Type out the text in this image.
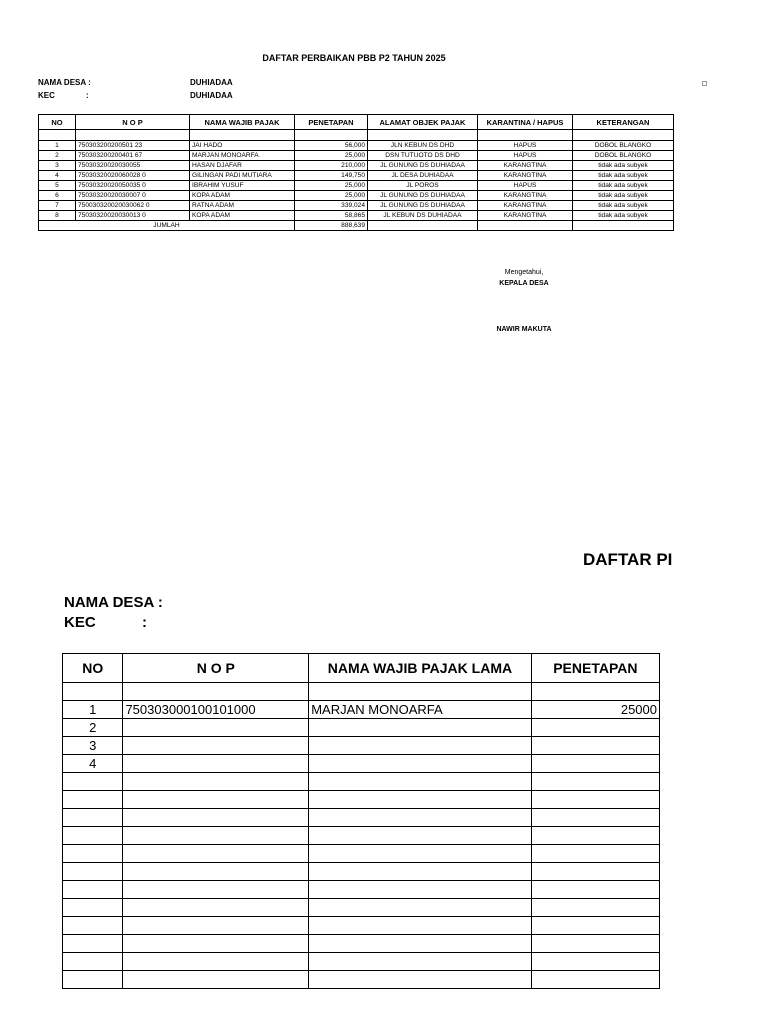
DAFTAR PERBAIKAN PBB P2 TAHUN 2025
NAMA DESA :	DUHIADAA
KEC	:	DUHIADAA
NO	N O P	NAMA WAJIB PAJAK	PENETAPAN	ALAMAT OBJEK PAJAK	KARANTINA / HAPUS	KETERANGAN

1	750303200200501 23	JAI HADO	56,000	JLN KEBUN DS DHD	HAPUS	DOBOL BLANGKO
2	750303200200401 67	MARJAN MONOARFA	25,000	DSN TUTUOTO DS DHD	HAPUS	DOBOL BLANGKO
3	75030320020030055	HASAN DJAFAR	210,000	JL GUNUNG DS DUHIADAA	KARANGTINA	tidak ada subyek
4	75030320020060028 0	GILINGAN PADI MUTIARA	149,750	JL DESA DUHIADAA	KARANGTINA	tidak ada subyek
5	75030320020050035 0	IBRAHIM YUSUF	25,000	JL POROS	HAPUS	tidak ada subyek
6	75030320020030007 0	KOPA ADAM	25,000	JL GUNUNG DS DUHIADAA	KARANGTINA	tidak ada subyek
7	750030320020030062 0	RATNA ADAM	339,024	JL GUNUNG DS DUHIADAA	KARANGTINA	tidak ada subyek
8	75030320020030013 0	KOPA ADAM	58,865	JL KEBUN DS DUHIADAA	KARANGTINA	tidak ada subyek
JUMLAH			888,639			
Mengetahui,
KEPALA DESA
NAWIR MAKUTA
DAFTAR PI
NAMA DESA :
KEC	:
NO	N O P	NAMA WAJIB PAJAK LAMA	PENETAPAN

1	750303000100101000	MARJAN MONOARFA	25000
2			
3			
4			
